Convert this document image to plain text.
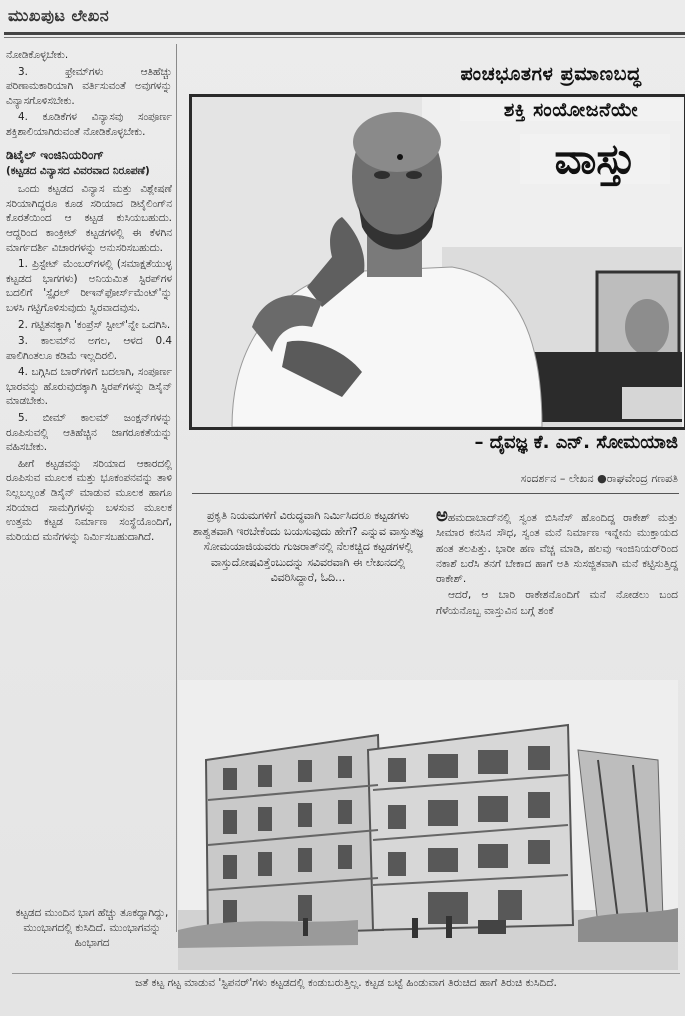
ಮುಖಪುಟ ಲೇಖನ

ನೋಡಿಕೊಳ್ಳಬೇಕು.

3. ಫ್ರೇಮ್‌ಗಳು ಆತಿಹೆಚ್ಚು ಪರಿಣಾಮಕಾರಿಯಾಗಿ ವರ್ತಿಸುವಂತೆ ಅವುಗಳನ್ನು ವಿನ್ಯಾಸಗೊಳಿಸಬೇಕು.

4. ಕೂಡಿಕೆಗಳ ವಿನ್ಯಾಸವು ಸಂಪೂರ್ಣ ಶಕ್ತಿಶಾಲಿಯಾಗಿರುವಂತೆ ನೋಡಿಕೊಳ್ಳಬೇಕು.

ಡಿಟೈಲ್ ಇಂಜಿನಿಯರಿಂಗ್

(ಕಟ್ಟಡದ ವಿನ್ಯಾಸದ ವಿವರವಾದ ನಿರೂಪಣೆ)

ಒಂದು ಕಟ್ಟಡದ ವಿನ್ಯಾಸ ಮತ್ತು ವಿಶ್ಲೇಷಣೆ ಸರಿಯಾಗಿದ್ದರೂ ಕೂಡ ಸರಿಯಾದ ಡಿಟೈಲಿಂಗ್‌ನ ಕೊರತೆಯಿಂದ ಆ ಕಟ್ಟಡ ಕುಸಿಯಬಹುದು. ಆದ್ದರಿಂದ ಕಾಂಕ್ರೀಟ್ ಕಟ್ಟಡಗಳಲ್ಲಿ ಈ ಕೆಳಗಿನ ಮಾರ್ಗದರ್ಶಿ ವಿಚಾರಗಳನ್ನು ಅನುಸರಿಸಬಹುದು.

1. ಪ್ರಿಸ್ಟೇಟ್ ಮೆಂಬರ್‌ಗಳಲ್ಲಿ (ಸಮಾಕ್ಷತೆಯುಳ್ಳ ಕಟ್ಟಡದ ಭಾಗಗಳು) ಅನಿಯಮಿತ ಸ್ಟಿರಪ್‌ಗಳ ಬದಲಿಗೆ 'ಸ್ಪೈರಲ್ ರೀಇನ್‌ಫೋರ್ಸ್‌ಮೆಂಟ್'ನ್ನು ಬಳಸಿ ಗಟ್ಟಿಗೊಳಿಸುವುದು ಸ್ವಿರವಾದವುಸು.

2. ಗಟ್ಟಿತನಕ್ಕಾಗಿ 'ಕಂಪ್ರೆಸ್ ಸ್ಟೀಲ್'ನ್ನೇ ಒದಗಿಸಿ.

3. ಕಾಲಮ್‌ನ ಅಗಲ, ಆಳದ 0.4 ಪಾಲಿಗಿಂತಲೂ ಕಡಿಮೆ ಇಲ್ಲದಿರಲಿ.

4. ಬಗ್ಗಿಸಿದ ಬಾರ್‌ಗಳಿಗೆ ಬದಲಾಗಿ, ಸಂಪೂರ್ಣ ಭಾರವನ್ನು ಹೊರುವುದಕ್ಕಾಗಿ ಸ್ಟಿರಪ್‌ಗಳನ್ನು ಡಿಸೈನ್ ಮಾಡಬೇಕು.

5. ಬೀಮ್ ಕಾಲಮ್ ಜಂಕ್ಷನ್‌ಗಳನ್ನು ರೂಪಿಸುವಲ್ಲಿ ಆತಿಹೆಚ್ಚಿನ ಜಾಗರೂಕತೆಯನ್ನು ವಹಿಸಬೇಕು.

ಹೀಗೆ ಕಟ್ಟಡವನ್ನು ಸರಿಯಾದ ಆಕಾರದಲ್ಲಿ ರೂಪಿಸುವ ಮೂಲಕ ಮತ್ತು ಭೂಕಂಪನವನ್ನು ತಾಳಿ ನಿಲ್ಲಬಲ್ಲಂತೆ ಡಿಸೈನ್ ಮಾಡುವ ಮೂಲಕ ಹಾಗೂ ಸರಿಯಾದ ಸಾಮಗ್ರಿಗಳನ್ನು ಬಳಸುವ ಮೂಲಕ ಉತ್ತಮ ಕಟ್ಟಡ ನಿರ್ಮಾಣ ಸಂಸ್ಥೆಯೊಂದಿಗೆ, ಮರಿಯದ ಮನೆಗಳನ್ನು ನಿರ್ಮಿಸಬಹುದಾಗಿದೆ.

ಪಂಚಭೂತಗಳ ಪ್ರಮಾಣಬದ್ಧ
ಶಕ್ತಿ ಸಂಯೋಜನೆಯೇ
ವಾಸ್ತು
– ದೈವಜ್ಞ ಕೆ. ಎನ್. ಸೋಮಯಾಜಿ
ಸಂದರ್ಶನ – ಲೇಖನ ●ರಾಘವೇಂದ್ರ ಗಣಪತಿ
ಪ್ರಕೃತಿ ನಿಯಮಗಳಿಗೆ ವಿರುದ್ಧವಾಗಿ ನಿರ್ಮಿಸಿದರೂ ಕಟ್ಟಡಗಳು ಶಾಶ್ವತವಾಗಿ ಇರಬೇಕೆಂದು ಬಯಸುವುದು ಹೇಗೆ? ಎನ್ನುವ ವಾಸ್ತುತಜ್ಞ ಸೋಮಯಾಜಿಯವರು ಗುಜರಾತ್‌ನಲ್ಲಿ ನೆಲಕಚ್ಚಿದ ಕಟ್ಟಡಗಳಲ್ಲಿ ವಾಸ್ತುದೋಷವಿತ್ತೆಂಬುದನ್ನು ಸವಿವರವಾಗಿ ಈ ಲೇಖನದಲ್ಲಿ ವಿವರಿಸಿದ್ದಾರೆ, ಓದಿ...

ಅಹಮದಾಬಾದ್‌ನಲ್ಲಿ ಸ್ವಂತ ಬಿಸಿನೆಸ್ ಹೊಂದಿದ್ದ ರಾಕೇಶ್ ಮತ್ತು ಸೀಮಾರ ಕನಸಿನ ಸೌಧ, ಸ್ವಂತ ಮನೆ ನಿರ್ಮಾಣ ಇನ್ನೇನು ಮುಕ್ತಾಯದ ಹಂತ ತಲಪಿತ್ತು. ಭಾರೀ ಹಣ ವೆಚ್ಚ ಮಾಡಿ, ಹಲವು ಇಂಜಿನಿಯರ್‌ರಿಂದ ನಕಾಶೆ ಬರೆಸಿ ತನಗೆ ಬೇಕಾದ ಹಾಗೆ ಅತಿ ಸುಸಜ್ಜಿತವಾಗಿ ಮನೆ ಕಟ್ಟಿಸುತ್ತಿದ್ದ ರಾಕೇಶ್.

ಆದರೆ, ಆ ಬಾರಿ ರಾಕೇಶನೊಂದಿಗೆ ಮನೆ ನೋಡಲು ಬಂದ ಗೆಳೆಯನೊಬ್ಬ ವಾಸ್ತುವಿನ ಬಗ್ಗೆ ಶಂಕೆ

ಕಟ್ಟಡದ ಮುಂದಿನ ಭಾಗ ಹೆಚ್ಚು ತೂಕದ್ದಾಗಿದ್ದು, ಮುಂಭಾಗದಲ್ಲಿ ಕುಸಿದಿದೆ. ಮುಂಭಾಗವನ್ನು ಹಿಂಭಾಗದ
ಜತೆ ಕಟ್ಟ ಗಟ್ಟ ಮಾಡುವ 'ಸ್ಟಿಪನರ್'ಗಳು ಕಟ್ಟಡದಲ್ಲಿ ಕಂಡುಬರುತ್ತಿಲ್ಲ. ಕಟ್ಟಡ ಬಟ್ಟೆ ಹಿಂಡುವಾಗ ತಿರುಚಿದ ಹಾಗೆ ತಿರುಚಿ ಕುಸಿದಿದೆ.
